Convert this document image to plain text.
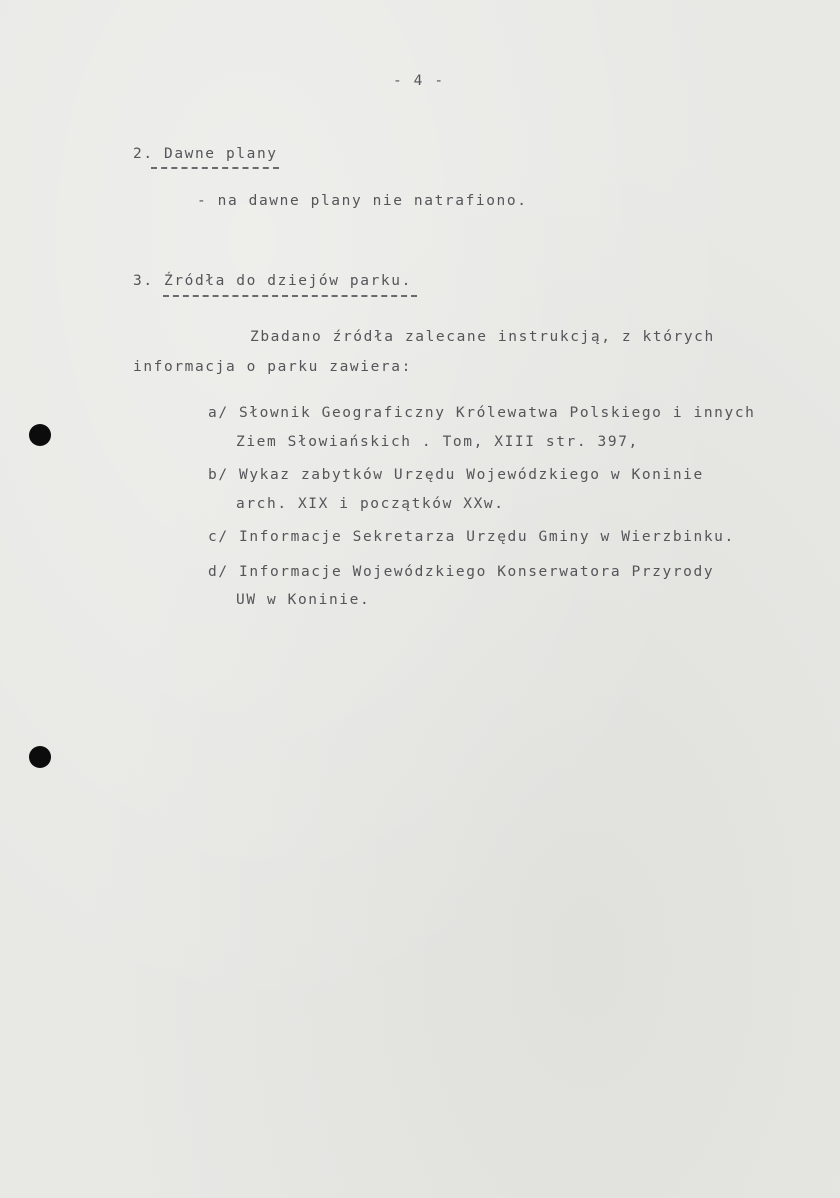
- 4 -
2. Dawne plany
- na dawne plany nie natrafiono.
3. Źródła do dziejów parku.
Zbadano źródła zalecane instrukcją, z których
informacja o parku zawiera:
a/ Słownik Geograficzny Królewatwa Polskiego i innych
Ziem Słowiańskich . Tom, XIII str. 397,
b/ Wykaz zabytków Urzędu Wojewódzkiego w Koninie
arch. XIX i początków XXw.
c/ Informacje Sekretarza Urzędu Gminy w Wierzbinku.
d/ Informacje Wojewódzkiego Konserwatora Przyrody
UW w Koninie.
